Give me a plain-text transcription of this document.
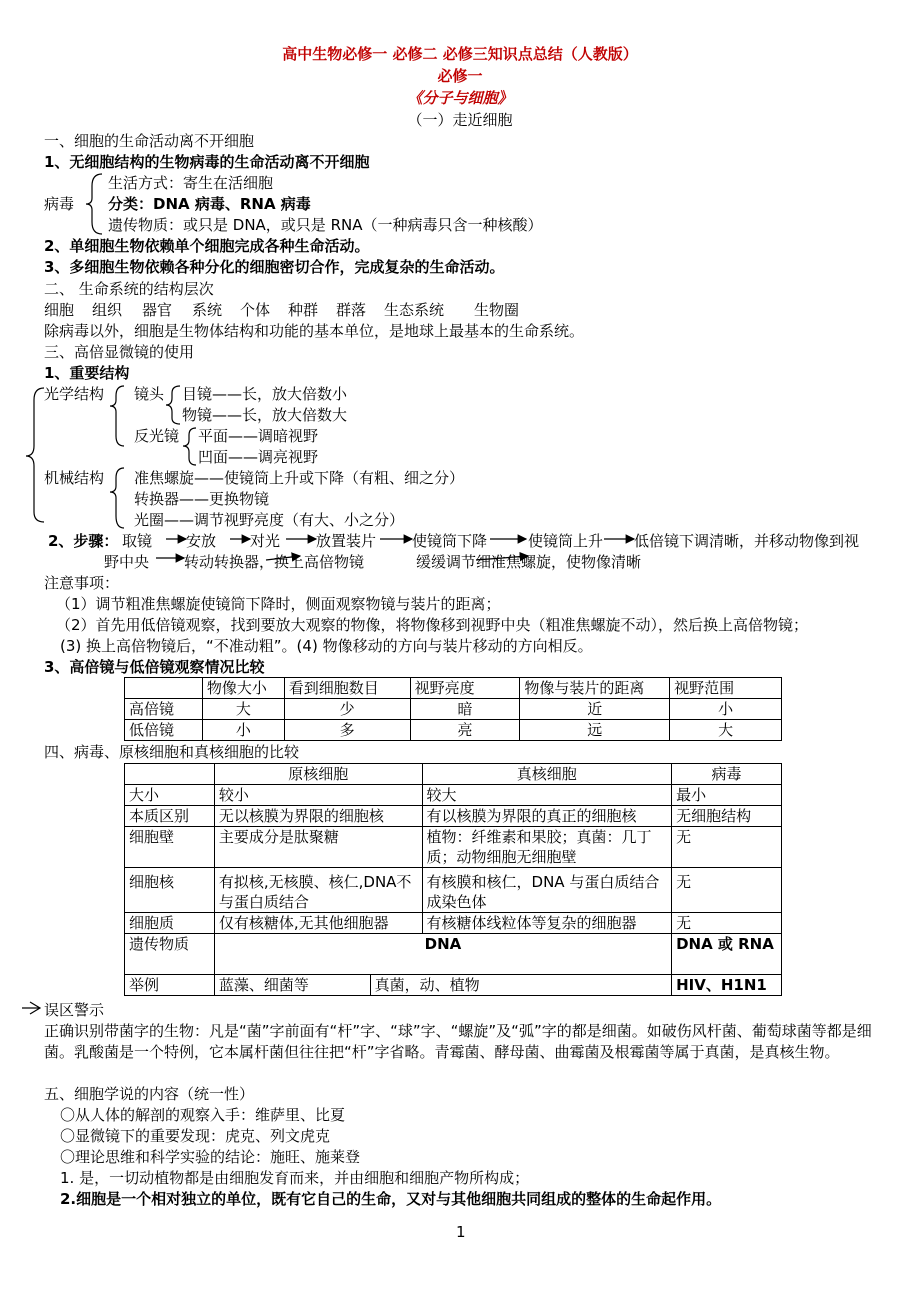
高中生物必修一 必修二 必修三知识点总结（人教版）
必修一
《分子与细胞》
（一）走近细胞
一、细胞的生命活动离不开细胞
1、无细胞结构的生物病毒的生命活动离不开细胞
病毒
生活方式：寄生在活细胞
分类：DNA 病毒、RNA 病毒
遗传物质：或只是 DNA，或只是 RNA（一种病毒只含一种核酸）
2、单细胞生物依赖单个细胞完成各种生命活动。
3、多细胞生物依赖各种分化的细胞密切合作，完成复杂的生命活动。
二、 生命系统的结构层次
细胞 组织 器官 系统 个体 种群 群落 生态系统 生物圈
除病毒以外，细胞是生物体结构和功能的基本单位，是地球上最基本的生命系统。
三、高倍显微镜的使用
1、重要结构
光学结构 镜头 目镜——长，放大倍数小
物镜——长，放大倍数大
反光镜 平面——调暗视野
凹面——调亮视野
机械结构 准焦螺旋——使镜筒上升或下降（有粗、细之分）
转换器——更换物镜
光圈——调节视野亮度（有大、小之分）
2、步骤： 取镜 安放 对光 放置装片 使镜筒下降	使镜筒上升 低倍镜下调清晰，并移动物像到视
野中央 转动转换器，换上高倍物镜	缓缓调节细准焦螺旋，使物像清晰
注意事项：
（1）调节粗准焦螺旋使镜筒下降时，侧面观察物镜与装片的距离；
（2）首先用低倍镜观察，找到要放大观察的物像，将物像移到视野中央（粗准焦螺旋不动），然后换上高倍物镜；
(3) 换上高倍物镜后，“不准动粗”。(4) 物像移动的方向与装片移动的方向相反。
3、高倍镜与低倍镜观察情况比较
	物像大小	看到细胞数目	视野亮度	物像与装片的距离	视野范围
高倍镜	大	少	暗	近	小
低倍镜	小	多	亮	远	大
四、病毒、原核细胞和真核细胞的比较
	原核细胞		真核细胞	病毒
大小	较小		较大	最小
本质区别	无以核膜为界限的细胞核		有以核膜为界限的真正的细胞核	无细胞结构
细胞壁	主要成分是肽聚糖		植物：纤维素和果胶；真菌：几丁质；动物细胞无细胞壁	无
细胞核	有拟核,无核膜、核仁,DNA不与蛋白质结合		有核膜和核仁，DNA 与蛋白质结合成染色体	无
细胞质	仅有核糖体,无其他细胞器		有核糖体线粒体等复杂的细胞器	无
遗传物质	DNA			DNA 或 RNA
举例	蓝藻、细菌等	真菌，动、植物		HIV、H1N1
误区警示
正确识别带菌字的生物：凡是“菌”字前面有“杆”字、“球”字、“螺旋”及“弧”字的都是细菌。如破伤风杆菌、葡萄球菌等都是细菌。乳酸菌是一个特例，它本属杆菌但往往把“杆”字省略。青霉菌、酵母菌、曲霉菌及根霉菌等属于真菌，是真核生物。
五、细胞学说的内容（统一性）
〇从人体的解剖的观察入手：维萨里、比夏
〇显微镜下的重要发现：虎克、列文虎克
〇理论思维和科学实验的结论：施旺、施莱登
1. 是，一切动植物都是由细胞发育而来，并由细胞和细胞产物所构成；
2.细胞是一个相对独立的单位，既有它自己的生命，又对与其他细胞共同组成的整体的生命起作用。
1
